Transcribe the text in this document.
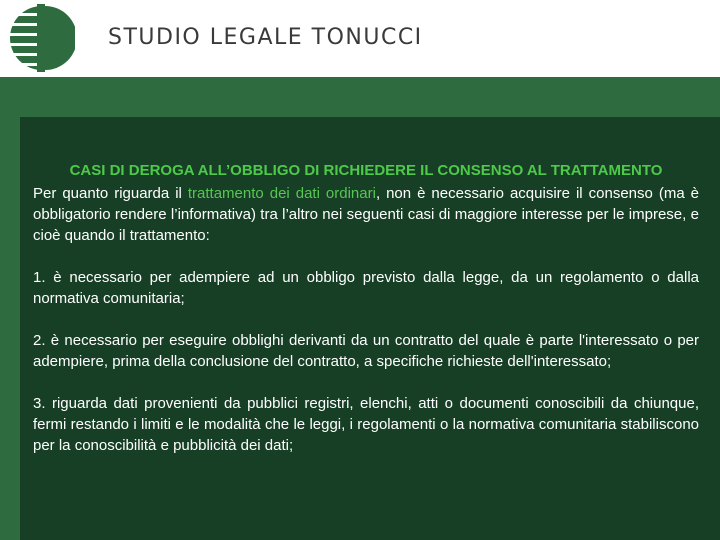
STUDIO LEGALE TONUCCI

CASI DI DEROGA ALL’OBBLIGO DI RICHIEDERE IL CONSENSO AL TRATTAMENTO

Per quanto riguarda il trattamento dei dati ordinari, non è necessario acquisire il consenso (ma è obbligatorio rendere l’informativa) tra l’altro nei seguenti casi di maggiore interesse per le imprese, e cioè quando il trattamento:

1. è necessario per adempiere ad un obbligo previsto dalla legge, da un regolamento o dalla normativa comunitaria;

2. è necessario per eseguire obblighi derivanti da un contratto del quale è parte l'interessato o per adempiere, prima della conclusione del contratto, a specifiche richieste dell'interessato;

3. riguarda dati provenienti da pubblici registri, elenchi, atti o documenti conoscibili da chiunque, fermi restando i limiti e le modalità che le leggi, i regolamenti o la normativa comunitaria stabiliscono per la conoscibilità e pubblicità dei dati;
